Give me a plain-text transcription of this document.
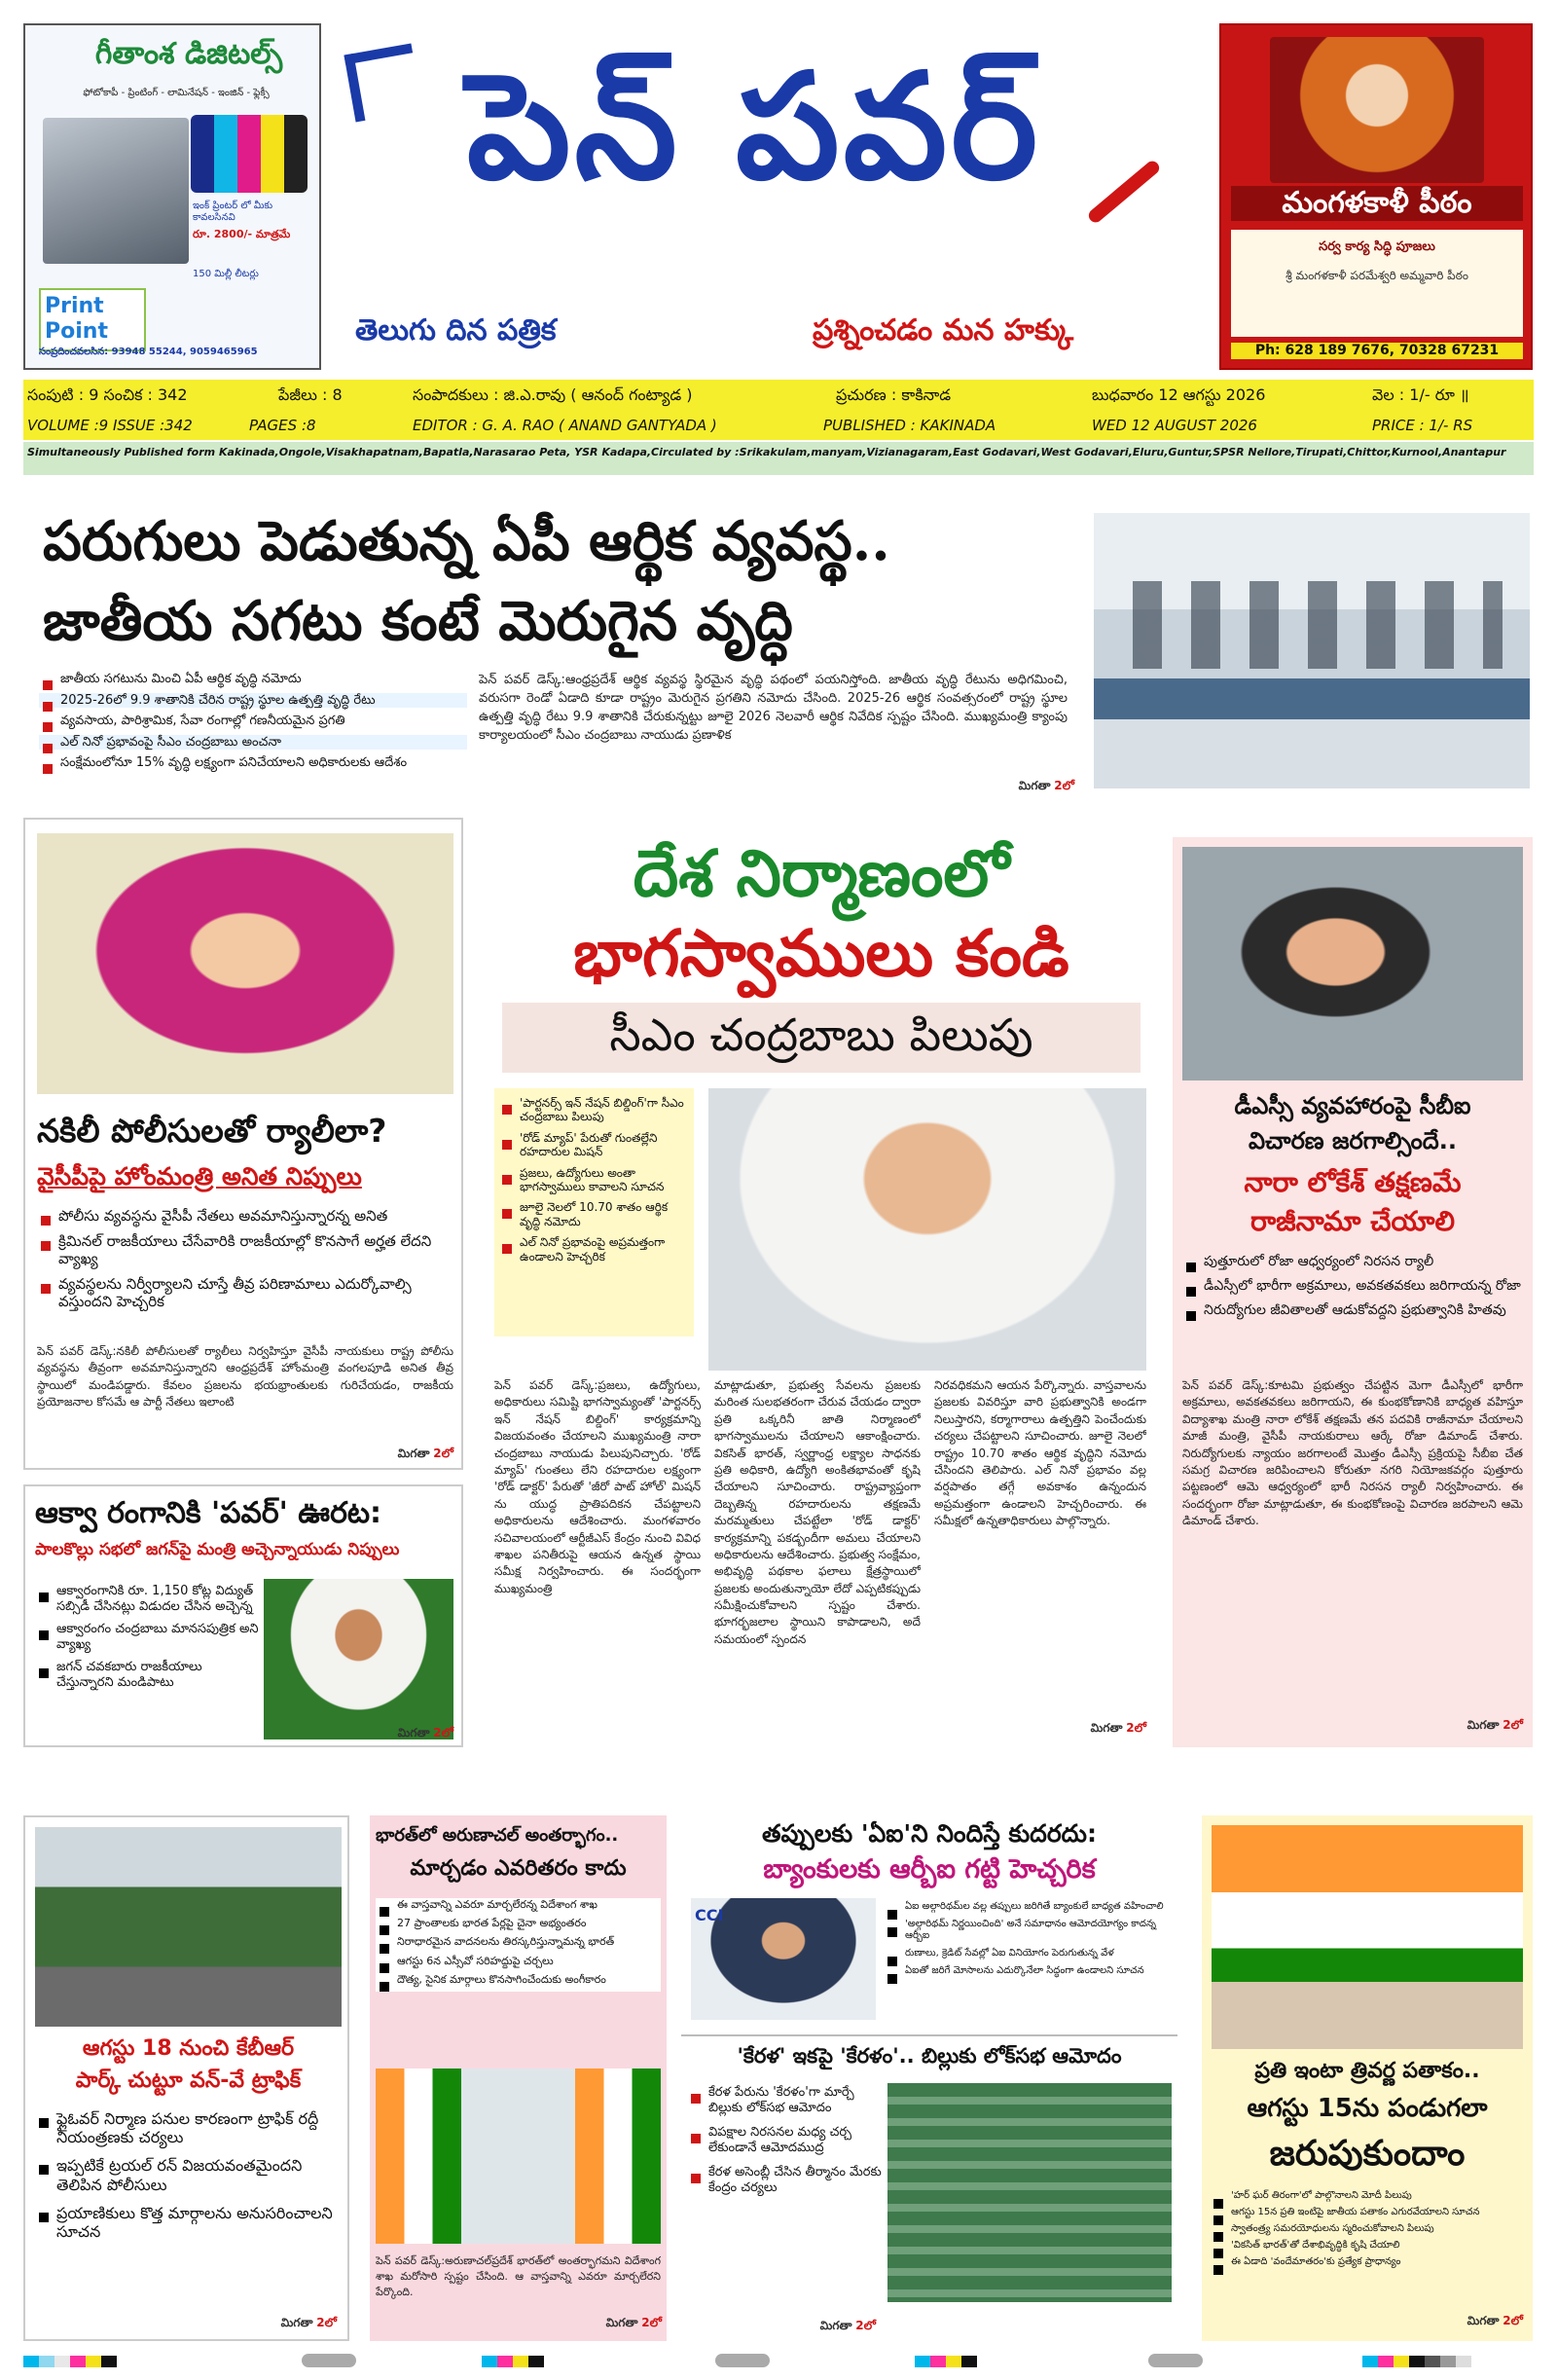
గీతాంశ డిజిటల్స్
ఫోటోకాపీ - ప్రింటింగ్ - లామినేషన్ - ఇంజిన్ - ఫ్లెక్సీ
ఇంక్ ప్రింటర్ లో మీకు కావలసినవి
రూ. 2800/- మాత్రమే
150 మిల్లీ లీటర్లు
Print Point
సంప్రదించవలసిన: 93948 55244, 9059465965
పెన్ పవర్
తెలుగు దిన పత్రిక	ప్రశ్నించడం మన హక్కు
మంగళకాళీ పీఠం
సర్వ కార్య సిద్ధి పూజలు
శ్రీ మంగళకాళీ పరమేశ్వరి అమ్మవారి పీఠం
Ph: 628 189 7676, 70328 67231
సంపుటి : 9 సంచిక : 342	పేజీలు : 8	సంపాదకులు : జి.ఎ.రావు ( ఆనంద్ గంట్యాడ )	ప్రచురణ : కాకినాడ	బుధవారం 12 ఆగస్టు 2026	వెల : 1/- రూ ॥
VOLUME :9 ISSUE :342	PAGES :8	EDITOR : G. A. RAO ( ANAND GANTYADA )	PUBLISHED : KAKINADA	WED 12 AUGUST 2026	PRICE : 1/- RS
Simultaneously Published form Kakinada,Ongole,Visakhapatnam,Bapatla,Narasarao Peta, YSR Kadapa,Circulated by :Srikakulam,manyam,Vizianagaram,East Godavari,West Godavari,Eluru,Guntur,SPSR Nellore,Tirupati,Chittor,Kurnool,Anantapur
పరుగులు పెడుతున్న ఏపీ ఆర్థిక వ్యవస్థ..
జాతీయ సగటు కంటే మెరుగైన వృద్ధి
జాతీయ సగటును మించి ఏపీ ఆర్థిక వృద్ధి నమోదు
2025-26లో 9.9 శాతానికి చేరిన రాష్ట్ర స్థూల ఉత్పత్తి వృద్ధి రేటు
వ్యవసాయ, పారిశ్రామిక, సేవా రంగాల్లో గణనీయమైన ప్రగతి
ఎల్ నినో ప్రభావంపై సీఎం చంద్రబాబు అంచనా
సంక్షేమంలోనూ 15% వృద్ధి లక్ష్యంగా పనిచేయాలని అధికారులకు ఆదేశం
పెన్ పవర్ డెస్క్:ఆంధ్రప్రదేశ్ ఆర్థిక వ్యవస్థ స్థిరమైన వృద్ధి పథంలో పయనిస్తోంది. జాతీయ వృద్ధి రేటును అధిగమించి, వరుసగా రెండో ఏడాది కూడా రాష్ట్రం మెరుగైన ప్రగతిని నమోదు చేసింది. 2025-26 ఆర్థిక సంవత్సరంలో రాష్ట్ర స్థూల ఉత్పత్తి వృద్ధి రేటు 9.9 శాతానికి చేరుకున్నట్టు జూలై 2026 నెలవారీ ఆర్థిక నివేదిక స్పష్టం చేసింది. ముఖ్యమంత్రి క్యాంపు కార్యాలయంలో సీఎం చంద్రబాబు నాయుడు ప్రణాళిక
మిగతా 2లో
నకిలీ పోలీసులతో ర్యాలీలా?
వైసీపీపై హోంమంత్రి అనిత నిప్పులు
పోలీసు వ్యవస్థను వైసీపీ నేతలు అవమానిస్తున్నారన్న అనిత
క్రిమినల్ రాజకీయాలు చేసేవారికి రాజకీయాల్లో కొనసాగే అర్హత లేదని వ్యాఖ్య
వ్యవస్థలను నిర్వీర్యాలని చూస్తే తీవ్ర పరిణామాలు ఎదుర్కోవాల్సి వస్తుందని హెచ్చరిక
పెన్ పవర్ డెస్క్:నకిలీ పోలీసులతో ర్యాలీలు నిర్వహిస్తూ వైసీపీ నాయకులు రాష్ట్ర పోలీసు వ్యవస్థను తీవ్రంగా అవమానిస్తున్నారని ఆంధ్రప్రదేశ్ హోంమంత్రి వంగలపూడి అనిత తీవ్ర స్థాయిలో మండిపడ్డారు. కేవలం ప్రజలను భయభ్రాంతులకు గురిచేయడం, రాజకీయ ప్రయోజనాల కోసమే ఆ పార్టీ నేతలు ఇలాంటి
మిగతా 2లో
ఆక్వా రంగానికి 'పవర్' ఊరట:
పాలకొల్లు సభలో జగన్‌పై మంత్రి అచ్చెన్నాయుడు నిప్పులు
ఆక్వారంగానికి రూ. 1,150 కోట్ల విద్యుత్ సబ్సిడీ చేసినట్లు విడుదల చేసిన అచ్చెన్న
ఆక్వారంగం చంద్రబాబు మానసపుత్రిక అని వ్యాఖ్య
జగన్ చవకబారు రాజకీయాలు చేస్తున్నారని మండిపాటు
మిగతా 2లో
దేశ నిర్మాణంలో
భాగస్వాములు కండి
సీఎం చంద్రబాబు పిలుపు
'పార్టనర్స్ ఇన్ నేషన్ బిల్డింగ్'గా సీఎం చంద్రబాబు పిలుపు
'రోడ్ మ్యాప్' పేరుతో గుంతల్లేని రహదారుల మిషన్
ప్రజలు, ఉద్యోగులు అంతా భాగస్వాములు కావాలని సూచన
జూలై నెలలో 10.70 శాతం ఆర్థిక వృద్ధి నమోదు
ఎల్ నినో ప్రభావంపై అప్రమత్తంగా ఉండాలని హెచ్చరిక
పెన్ పవర్ డెస్క్:ప్రజలు, ఉద్యోగులు, అధికారులు సమిష్టి భాగస్వామ్యంతో 'పార్టనర్స్ ఇన్ నేషన్ బిల్డింగ్' కార్యక్రమాన్ని విజయవంతం చేయాలని ముఖ్యమంత్రి నారా చంద్రబాబు నాయుడు పిలుపునిచ్చారు. 'రోడ్ మ్యాప్' గుంతలు లేని రహదారుల లక్ష్యంగా 'రోడ్ డాక్టర్' పేరుతో 'జీరో పాట్ హోల్' మిషన్ ను యుద్ధ ప్రాతిపదికన చేపట్టాలని అధికారులను ఆదేశించారు. మంగళవారం సచివాలయంలో ఆర్టీజీఎస్ కేంద్రం నుంచి వివిధ శాఖల పనితీరుపై ఆయన ఉన్నత స్థాయి సమీక్ష నిర్వహించారు. ఈ సందర్భంగా ముఖ్యమంత్రి
మాట్లాడుతూ, ప్రభుత్వ సేవలను ప్రజలకు మరింత సులభతరంగా చేరువ చేయడం ద్వారా ప్రతి ఒక్కరినీ జాతి నిర్మాణంలో భాగస్వాములను చేయాలని ఆకాంక్షించారు. వికసిత్ భారత్, స్వర్ణాంధ్ర లక్ష్యాల సాధనకు ప్రతి అధికారి, ఉద్యోగి అంకితభావంతో కృషి చేయాలని సూచించారు. రాష్ట్రవ్యాప్తంగా దెబ్బతిన్న రహదారులను తక్షణమే మరమ్మతులు చేపట్టేలా 'రోడ్ డాక్టర్' కార్యక్రమాన్ని పకడ్బందీగా అమలు చేయాలని అధికారులను ఆదేశించారు. ప్రభుత్వ సంక్షేమం, అభివృద్ధి పథకాల ఫలాలు క్షేత్రస్థాయిలో ప్రజలకు అందుతున్నాయో లేదో ఎప్పటికప్పుడు సమీక్షించుకోవాలని స్పష్టం చేశారు. భూగర్భజలాల స్థాయిని కాపాడాలని, అదే సమయంలో స్పందన
నిరవధికమని ఆయన పేర్కొన్నారు. వాస్తవాలను ప్రజలకు వివరిస్తూ వారి ప్రభుత్వానికి అండగా నిలుస్తారని, కర్మాగారాలు ఉత్పత్తిని పెంచేందుకు చర్యలు చేపట్టాలని సూచించారు. జూలై నెలలో రాష్ట్రం 10.70 శాతం ఆర్థిక వృద్ధిని నమోదు చేసిందని తెలిపారు. ఎల్ నినో ప్రభావం వల్ల వర్షపాతం తగ్గే అవకాశం ఉన్నందున అప్రమత్తంగా ఉండాలని హెచ్చరించారు. ఈ సమీక్షలో ఉన్నతాధికారులు పాల్గొన్నారు.
మిగతా 2లో
డీఎస్సీ వ్యవహారంపై సీబీఐ
విచారణ జరగాల్సిందే..
నారా లోకేశ్ తక్షణమే
రాజీనామా చేయాలి
పుత్తూరులో రోజా ఆధ్వర్యంలో నిరసన ర్యాలీ
డీఎస్సీలో భారీగా అక్రమాలు, అవకతవకలు జరిగాయన్న రోజా
నిరుద్యోగుల జీవితాలతో ఆడుకోవద్దని ప్రభుత్వానికి హితవు
పెన్ పవర్ డెస్క్:కూటమి ప్రభుత్వం చేపట్టిన మెగా డీఎస్సీలో భారీగా అక్రమాలు, అవకతవకలు జరిగాయని, ఈ కుంభకోణానికి బాధ్యత వహిస్తూ విద్యాశాఖ మంత్రి నారా లోకేశ్ తక్షణమే తన పదవికి రాజీనామా చేయాలని మాజీ మంత్రి, వైసీపీ నాయకురాలు ఆర్కే రోజా డిమాండ్ చేశారు. నిరుద్యోగులకు న్యాయం జరగాలంటే మొత్తం డీఎస్సీ ప్రక్రియపై సీబీఐ చేత సమగ్ర విచారణ జరిపించాలని కోరుతూ నగరి నియోజకవర్గం పుత్తూరు పట్టణంలో ఆమె ఆధ్వర్యంలో భారీ నిరసన ర్యాలీ నిర్వహించారు. ఈ సందర్భంగా రోజా మాట్లాడుతూ, ఈ కుంభకోణంపై విచారణ జరపాలని ఆమె డిమాండ్ చేశారు.
మిగతా 2లో
ఆగస్టు 18 నుంచి కేబీఆర్
పార్క్ చుట్టూ వన్-వే ట్రాఫిక్
ఫ్లైఓవర్ నిర్మాణ పనుల కారణంగా ట్రాఫిక్ రద్దీ నియంత్రణకు చర్యలు
ఇప్పటికే ట్రయల్ రన్ విజయవంతమైందని తెలిపిన పోలీసులు
ప్రయాణికులు కొత్త మార్గాలను అనుసరించాలని సూచన
మిగతా 2లో
భారత్‌లో అరుణాచల్ అంతర్భాగం..
మార్చడం ఎవరితరం కాదు
ఈ వాస్తవాన్ని ఎవరూ మార్చలేరన్న విదేశాంగ శాఖ
27 ప్రాంతాలకు భారత పేర్లపై చైనా అభ్యంతరం
నిరాధారమైన వాదనలను తిరస్కరిస్తున్నామన్న భారత్
ఆగస్టు 6న ఎస్సీవో సరిహద్దుపై చర్చలు
దౌత్య, సైనిక మార్గాలు కొనసాగించేందుకు అంగీకారం
పెన్ పవర్ డెస్క్:అరుణాచల్‌ప్రదేశ్ భారత్‌లో అంతర్భాగమని విదేశాంగ శాఖ మరోసారి స్పష్టం చేసింది. ఆ వాస్తవాన్ని ఎవరూ మార్చలేరని పేర్కొంది.
మిగతా 2లో
తప్పులకు 'ఏఐ'ని నిందిస్తే కుదరదు:
బ్యాంకులకు ఆర్బీఐ గట్టి హెచ్చరిక
CCI	ఏఐ అల్గారిథమ్‌ల వల్ల తప్పులు జరిగితే బ్యాంకులే బాధ్యత వహించాలి
'అల్గారిథమ్ నిర్ణయించింది' అనే సమాధానం ఆమోదయోగ్యం కాదన్న ఆర్బీఐ
రుణాలు, క్రెడిట్ సేవల్లో ఏఐ వినియోగం పెరుగుతున్న వేళ
ఏఐతో జరిగే మోసాలను ఎదుర్కొనేలా సిద్ధంగా ఉండాలని సూచన
'కేరళ' ఇకపై 'కేరళం'.. బిల్లుకు లోక్‌సభ ఆమోదం
కేరళ పేరును 'కేరళం'గా మార్చే బిల్లుకు లోక్‌సభ ఆమోదం
విపక్షాల నిరసనల మధ్య చర్చ లేకుండానే ఆమోదముద్ర
కేరళ అసెంబ్లీ చేసిన తీర్మానం మేరకు కేంద్రం చర్యలు
మిగతా 2లో
ప్రతి ఇంటా త్రివర్ణ పతాకం..
ఆగస్టు 15ను పండుగలా
జరుపుకుందాం
'హర్ ఘర్ తిరంగా'లో పాల్గొనాలని మోదీ పిలుపు
ఆగస్టు 15న ప్రతి ఇంటిపై జాతీయ పతాకం ఎగురవేయాలని సూచన
స్వాతంత్ర్య సమరయోధులను స్మరించుకోవాలని పిలుపు
'వికసిత్ భారత్'తో దేశాభివృద్ధికి కృషి చేయాలి
ఈ ఏడాది 'వందేమాతరం'కు ప్రత్యేక ప్రాధాన్యం
మిగతా 2లో
